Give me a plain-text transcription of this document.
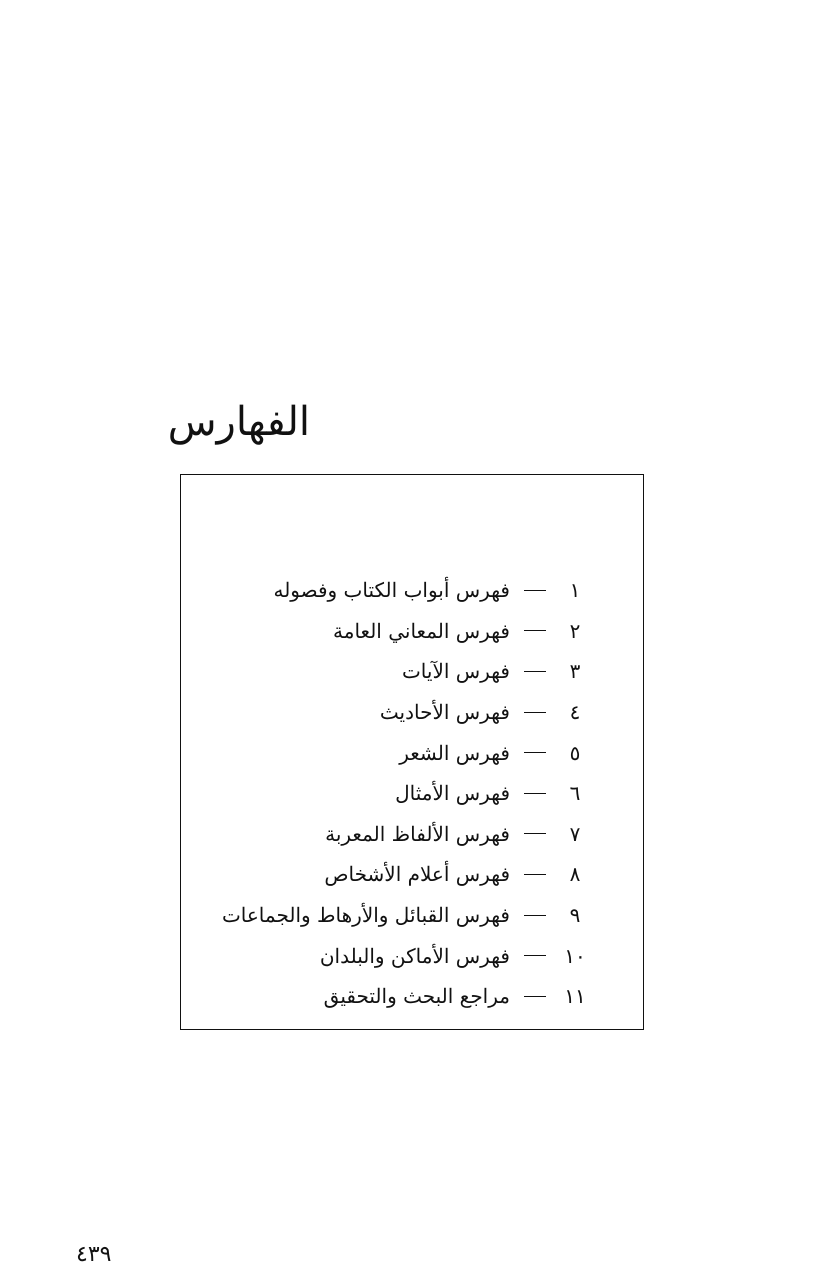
الفهارس
١
فهرس أبواب الكتاب وفصوله
٢
فهرس المعاني العامة
٣
فهرس الآيات
٤
فهرس الأحاديث
٥
فهرس الشعر
٦
فهرس الأمثال
٧
فهرس الألفاظ المعربة
٨
فهرس أعلام الأشخاص
٩
فهرس القبائل والأرهاط والجماعات
١٠
فهرس الأماكن والبلدان
١١
مراجع البحث والتحقيق
٤٣٩
